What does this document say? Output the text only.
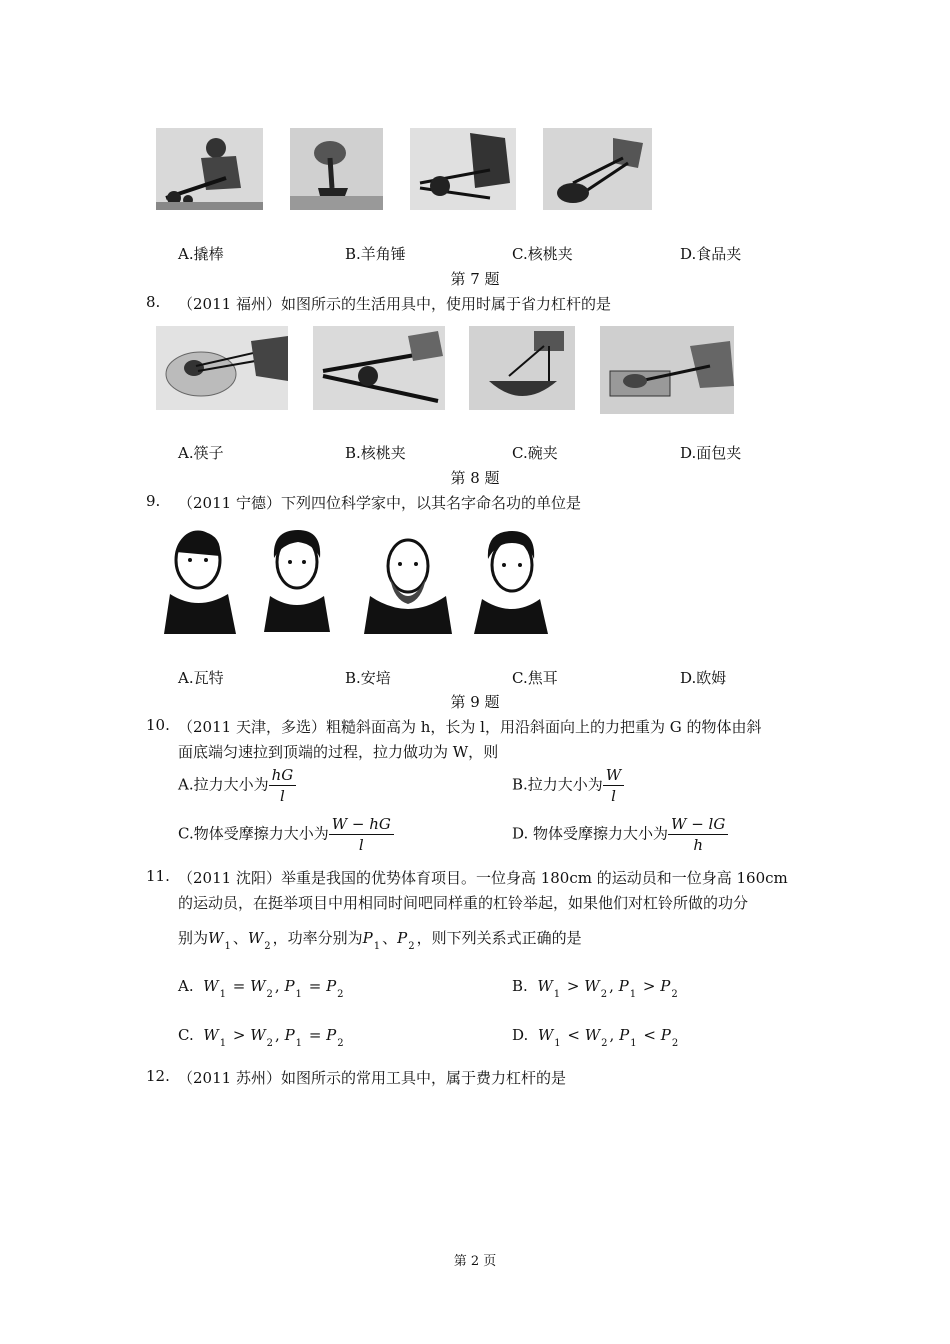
A.撬棒	B.羊角锤	C.核桃夹	D.食品夹
第 7 题
8. （2011 福州）如图所示的生活用具中，使用时属于省力杠杆的是
A.筷子	B.核桃夹	C.碗夹	D.面包夹
第 8 题
9. （2011 宁德）下列四位科学家中，以其名字命名功的单位是
A.瓦特	B.安培	C.焦耳	D.欧姆
第 9 题
10. （2011 天津，多选）粗糙斜面高为 h，长为 l，用沿斜面向上的力把重为 G 的物体由斜
面底端匀速拉到顶端的过程，拉力做功为 W，则
A.拉力大小为 $\frac{hG}{l}$	B.拉力大小为 $\frac{W}{l}$
C.物体受摩擦力大小为 $\frac{W - hG}{l}$	D. 物体受摩擦力大小为 $\frac{W - lG}{h}$
11. （2011 沈阳）举重是我国的优势体育项目。一位身高 180cm 的运动员和一位身高 160cm
的运动员，在挺举项目中用相同时间吧同样重的杠铃举起，如果他们对杠铃所做的功分
别为$W_1$ 、$W_2$ ，功率分别为$P_1$ 、$P_2$ ，则下列关系式正确的是
A. $W_1 = W_2$ , $P_1 = P_2$	B. $W_1 > W_2$ , $P_1 > P_2$
C. $W_1 > W_2$ , $P_1 = P_2$	D. $W_1 < W_2$ , $P_1 < P_2$
12. （2011 苏州）如图所示的常用工具中，属于费力杠杆的是
第 2 页
